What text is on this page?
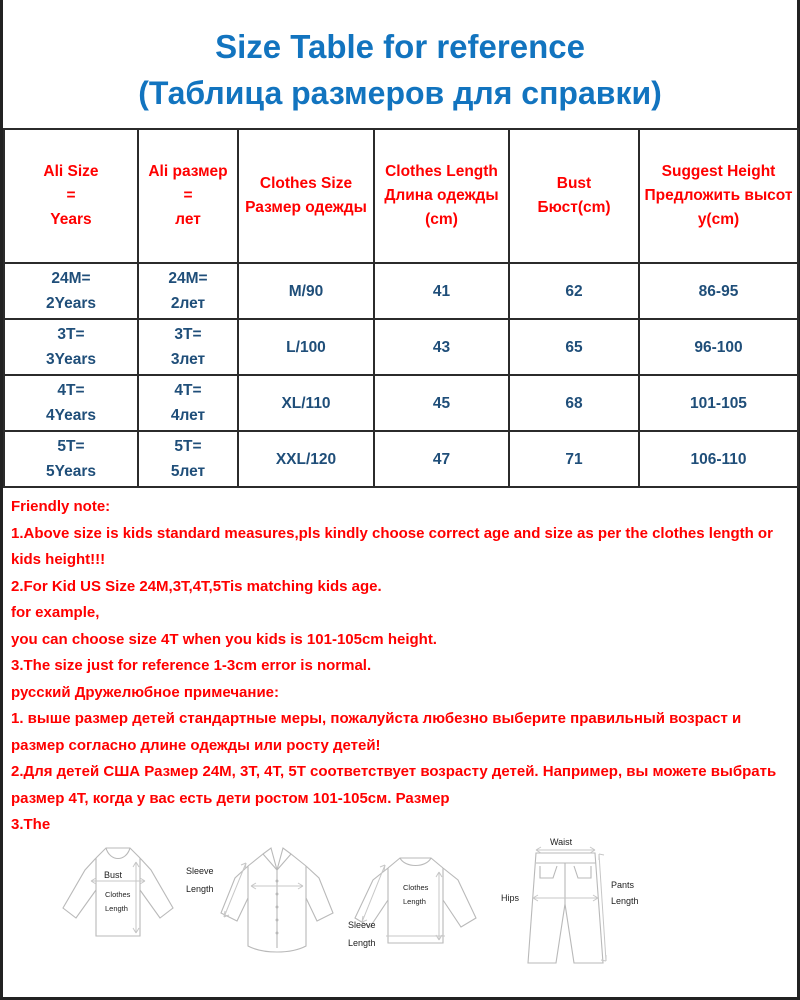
Size Table for reference
(Таблица размеров для справки)
Ali Size
=
Years	Ali размер
=
лет	Clothes Size
Размер одежды	Clothes Length
Длина одежды
(cm)	Bust
Бюст(cm)	Suggest Height
Предложить высот
у(cm)

24M=
2Years	24M=
2лет	M/90	41	62	86-95

3T=
3Years	3T=
3лет	L/100	43	65	96-100

4T=
4Years	4T=
4лет	XL/110	45	68	101-105

5T=
5Years	5T=
5лет	XXL/120	47	71	106-110
Friendly note:
1.Above size is kids standard measures,pls kindly choose correct age and size as per the clothes length or kids height!!!
2.For Kid US Size 24M,3T,4T,5Tis matching kids age.
for example,
you can choose size 4T when you kids is 101-105cm height.
3.The size just for reference 1-3cm error is normal.
русский Дружелюбное примечание:
1. выше размер детей стандартные меры, пожалуйста любезно выберите правильный возраст и размер согласно длине одежды или росту детей!
2.Для детей США Размер 24M, 3T, 4T, 5T соответствует возрасту детей. Например, вы можете выбрать размер 4T, когда у вас есть дети ростом 101-105см. Размер
3.The
Bust
Clothes
Length
Sleeve
Length	Clothes
Length
Sleeve
Length
Waist
Hips
Pants
Length
